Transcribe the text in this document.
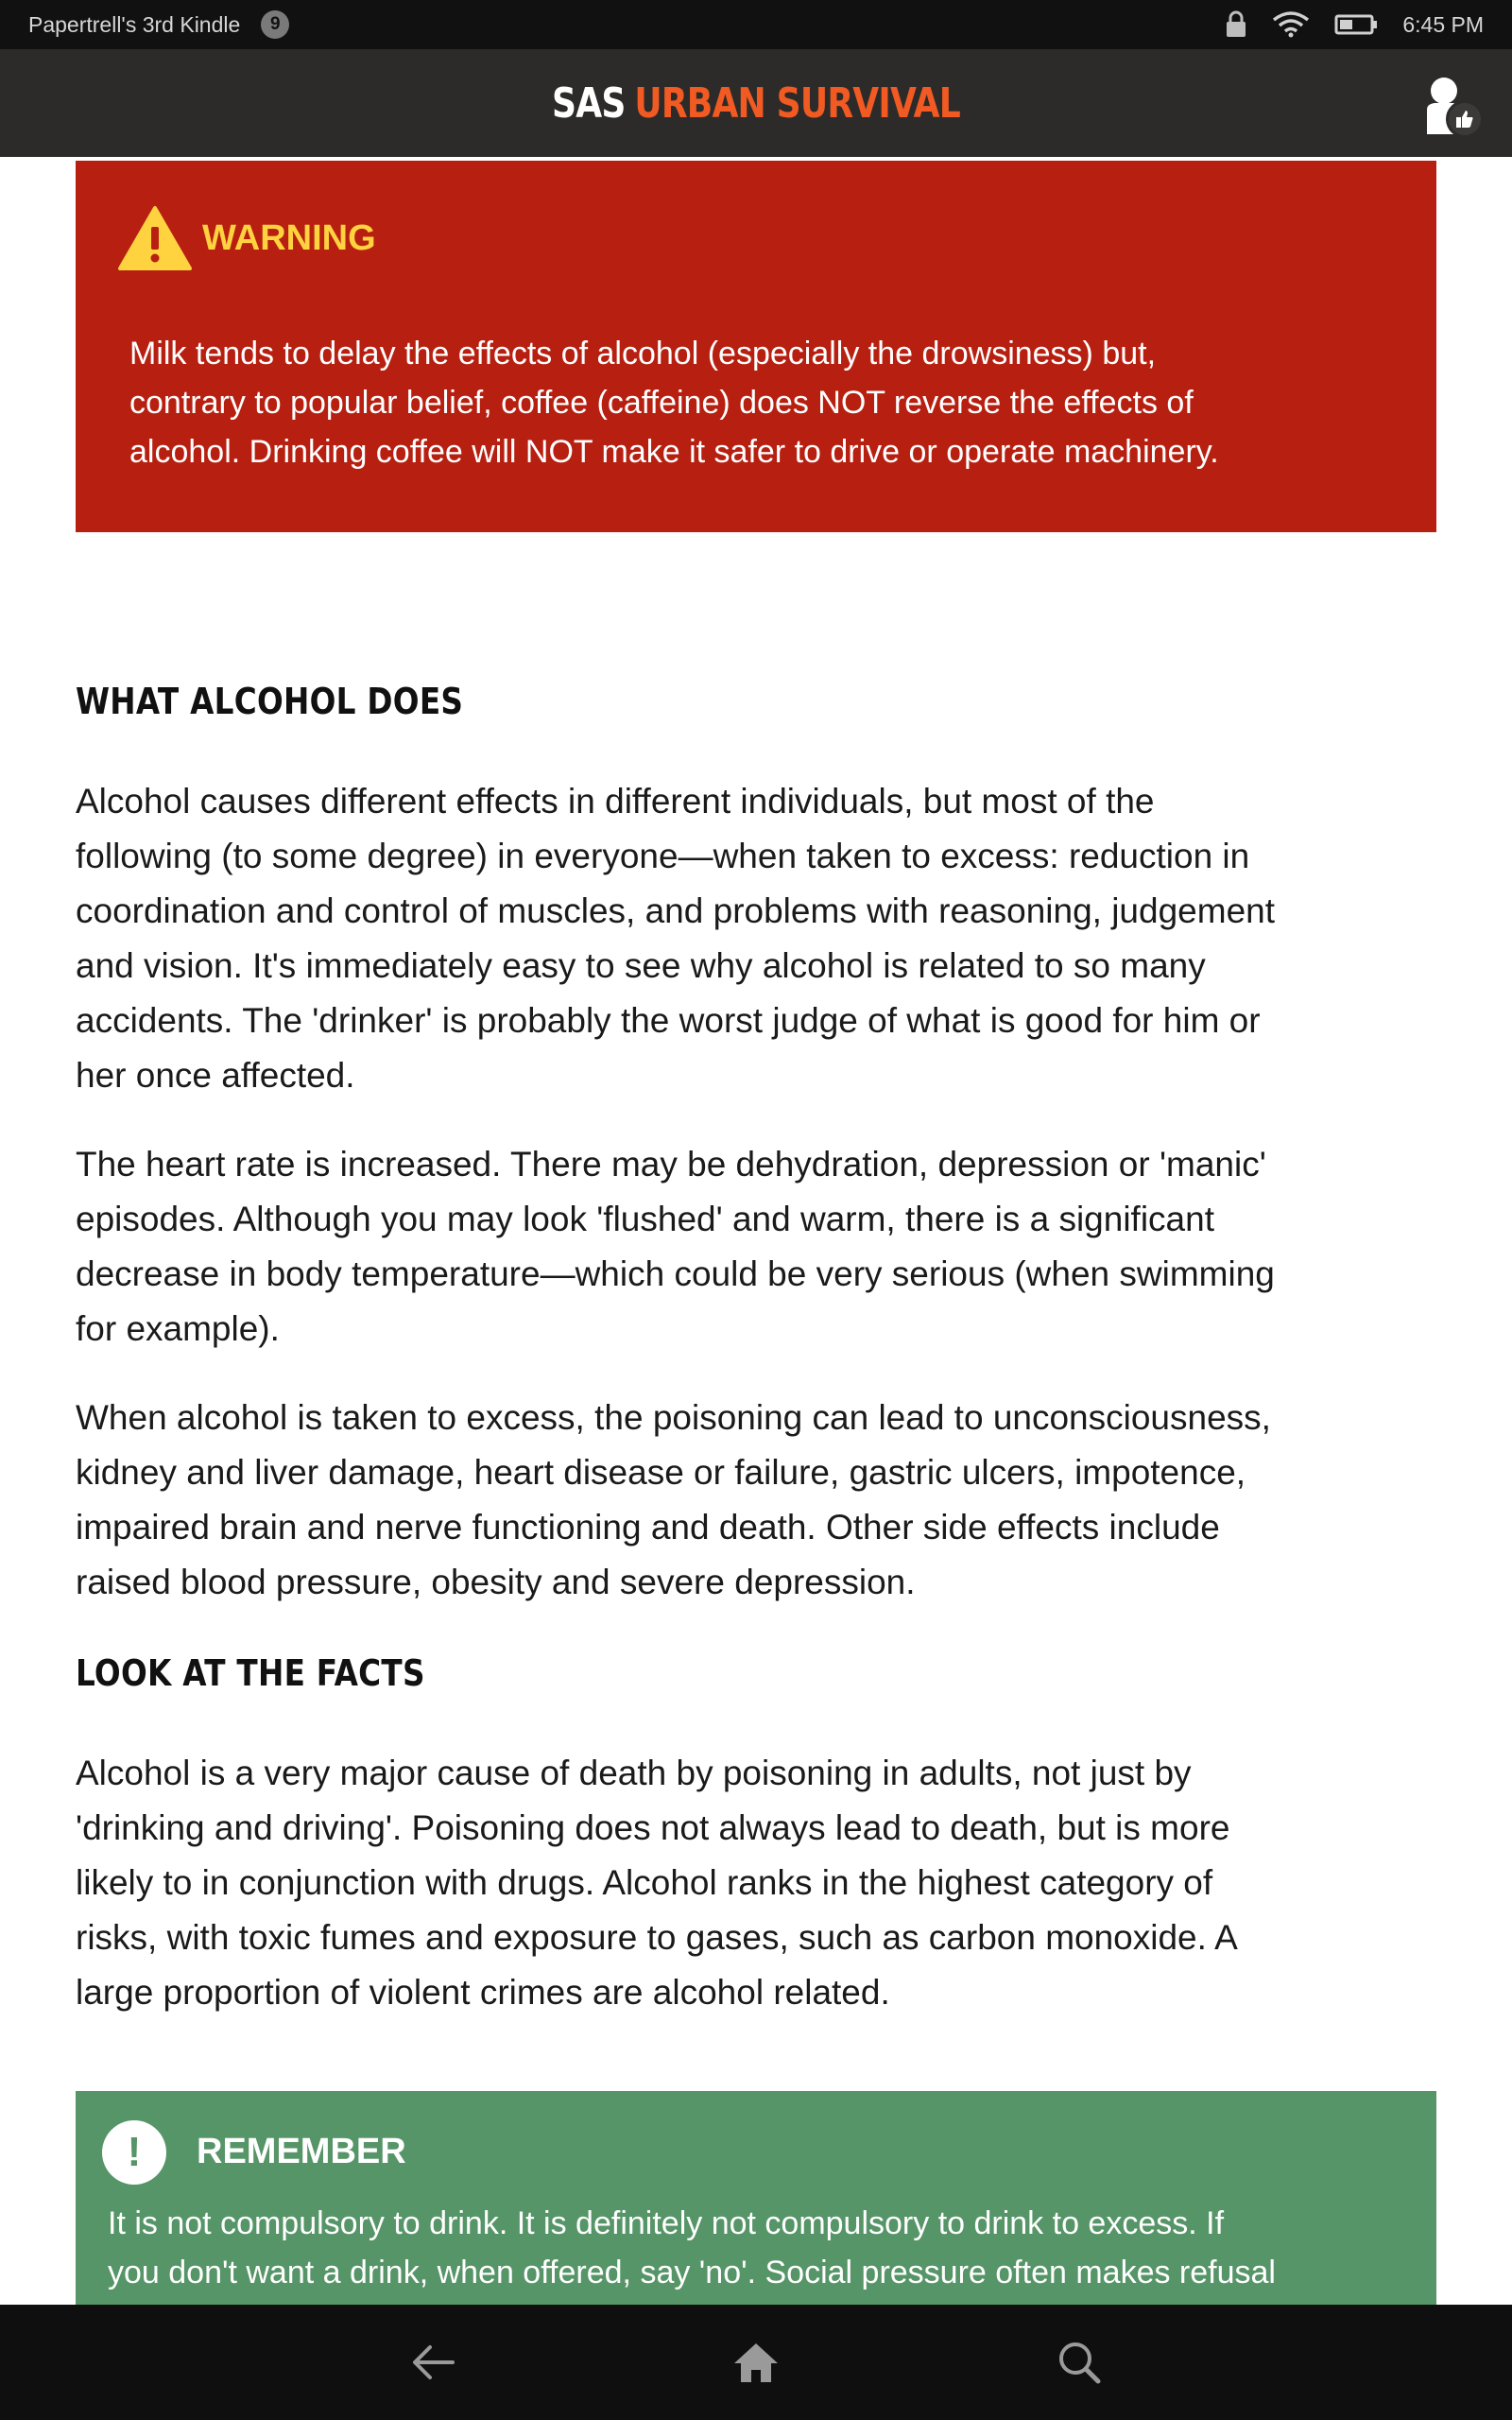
Papertrell's 3rd Kindle	9	6:45 PM
SAS URBAN SURVIVAL
WARNING
Milk tends to delay the effects of alcohol (especially the drowsiness) but,
contrary to popular belief, coffee (caffeine) does NOT reverse the effects of
alcohol. Drinking coffee will NOT make it safer to drive or operate machinery.
WHAT ALCOHOL DOES
Alcohol causes different effects in different individuals, but most of the
following (to some degree) in everyone—when taken to excess: reduction in
coordination and control of muscles, and problems with reasoning, judgement
and vision. It's immediately easy to see why alcohol is related to so many
accidents. The 'drinker' is probably the worst judge of what is good for him or
her once affected.
The heart rate is increased. There may be dehydration, depression or 'manic'
episodes. Although you may look 'flushed' and warm, there is a significant
decrease in body temperature—which could be very serious (when swimming
for example).
When alcohol is taken to excess, the poisoning can lead to unconsciousness,
kidney and liver damage, heart disease or failure, gastric ulcers, impotence,
impaired brain and nerve functioning and death. Other side effects include
raised blood pressure, obesity and severe depression.
LOOK AT THE FACTS
Alcohol is a very major cause of death by poisoning in adults, not just by
'drinking and driving'. Poisoning does not always lead to death, but is more
likely to in conjunction with drugs. Alcohol ranks in the highest category of
risks, with toxic fumes and exposure to gases, such as carbon monoxide. A
large proportion of violent crimes are alcohol related.
!	REMEMBER
It is not compulsory to drink. It is definitely not compulsory to drink to excess. If
you don't want a drink, when offered, say 'no'. Social pressure often makes refusal
